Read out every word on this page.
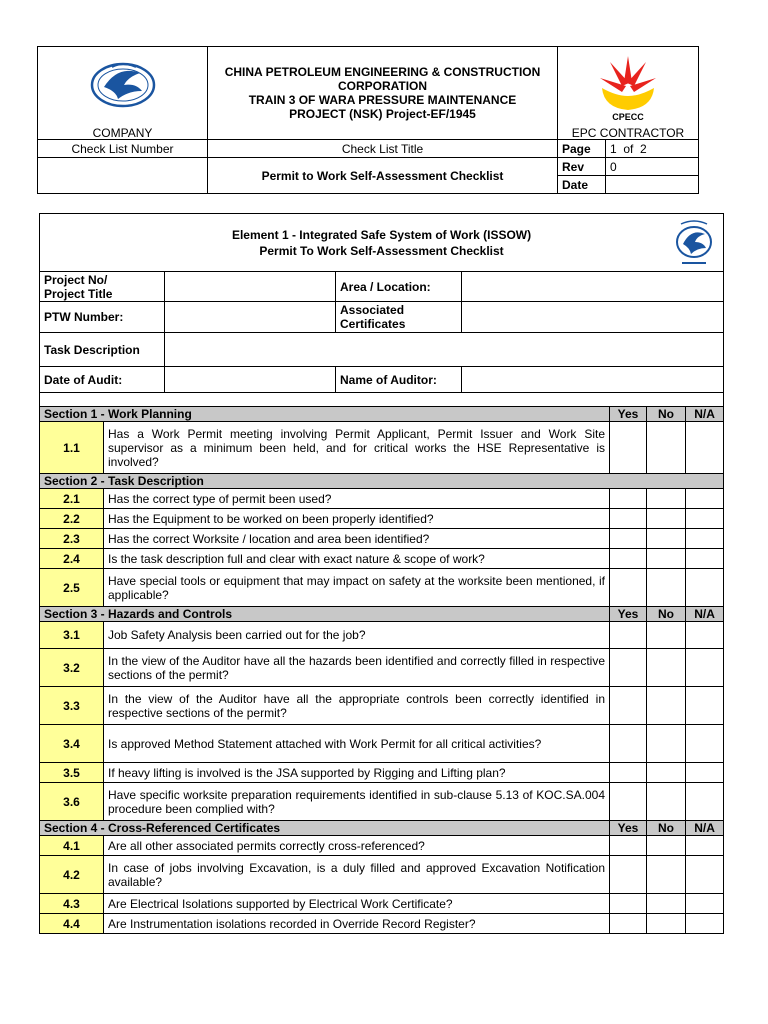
CHINA PETROLEUM ENGINEERING & CONSTRUCTION
CORPORATION
TRAIN 3 OF WARA PRESSURE MAINTENANCE
PROJECT (NSK) Project-EF/1945	CPECC	

COMPANY		EPC CONTRACTOR	
Check List Number	Check List Title	Page	1  of  2
	Permit to Work Self-Assessment Checklist	Rev	0
		Date	
Element 1 - Integrated Safe System of Work (ISSOW)
Permit To Work Self-Assessment Checklist							

Project No/
Project Title			Area / Location:				
PTW Number:			Associated
Certificates				

Task Description							
Date of Audit:			Name of Auditor:				

Section 1 - Work Planning					Yes	No	N/A
1.1	Has a Work Permit meeting involving Permit Applicant, Permit Issuer and Work Site supervisor as a minimum been held, and for critical works the HSE Representative is involved?						
Section 2 - Task Description							
2.1	Has the correct type of permit been used?						
2.2	Has the Equipment to be worked on been properly identified?						
2.3	Has the correct Worksite / location and area been identified?						
2.4	Is the task description full and clear with exact nature & scope of work?						
2.5	Have special tools or equipment that may impact on safety at the worksite been mentioned, if applicable?						
Section 3 - Hazards and Controls					Yes	No	N/A
3.1	Job Safety Analysis been carried out for the job?						
3.2	In the view of the Auditor have all the hazards been identified and correctly filled in respective sections of the permit?						
3.3	In the view of the Auditor have all the appropriate controls been correctly identified in respective sections of the permit?						
3.4	Is approved Method Statement attached with Work Permit for all critical activities?						
3.5	If heavy lifting is involved is the JSA supported by Rigging and Lifting plan?						
3.6	Have specific worksite preparation requirements identified in sub-clause 5.13 of KOC.SA.004 procedure been complied with?						
Section 4 - Cross-Referenced Certificates					Yes	No	N/A
4.1	Are all other associated permits correctly cross-referenced?						
4.2	In case of jobs involving Excavation, is a duly filled and approved Excavation Notification available?						
4.3	Are Electrical Isolations supported by Electrical Work Certificate?						
4.4	Are Instrumentation isolations recorded in Override Record Register?						
